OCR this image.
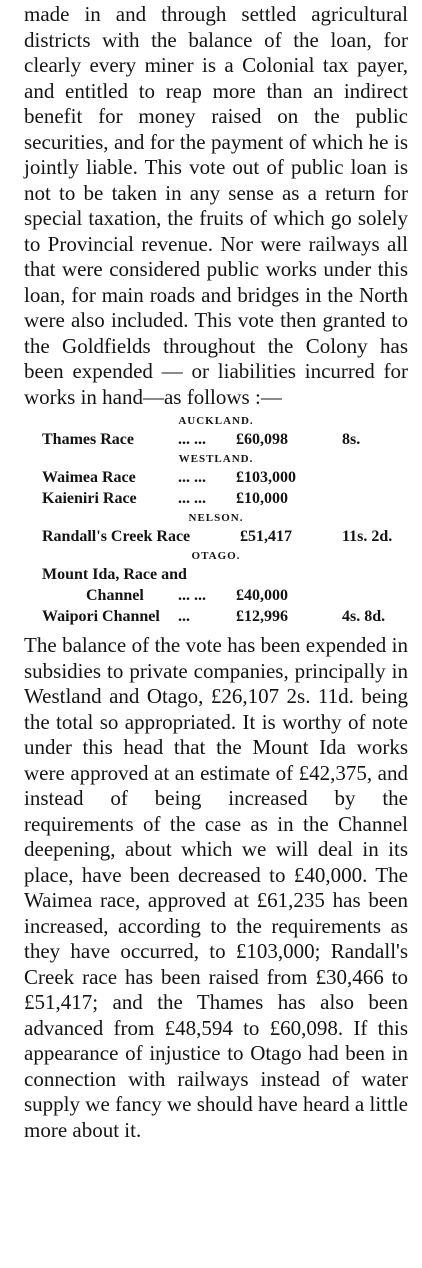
made in and through settled agricultural districts with the balance of the loan, for clearly every miner is a Colonial tax payer, and entitled to reap more than an indirect benefit for money raised on the public securities, and for the payment of which he is jointly liable. This vote out of public loan is not to be taken in any sense as a return for special taxation, the fruits of which go solely to Provincial revenue. Nor were railways all that were considered public works under this loan, for main roads and bridges in the North were also included. This vote then granted to the Goldfields throughout the Colony has been expended — or liabilities incurred for works in hand—as follows :—

AUCKLAND.
Thames Race	... ... £60,098	8s.
WESTLAND.
Waimea Race	... ... £103,000
Kaieniri Race	... ... £10,000
NELSON.
Randall's Creek Race	£51,417	11s. 2d.
OTAGO.
Mount Ida, Race and
Channel ... ... £40,000
Waipori Channel ...	£12,996	4s. 8d.

The balance of the vote has been expended in subsidies to private companies, principally in Westland and Otago, £26,107 2s. 11d. being the total so appropriated. It is worthy of note under this head that the Mount Ida works were approved at an estimate of £42,375, and instead of being increased by the requirements of the case as in the Channel deepening, about which we will deal in its place, have been decreased to £40,000. The Waimea race, approved at £61,235 has been increased, according to the requirements as they have occurred, to £103,000; Randall's Creek race has been raised from £30,466 to £51,417; and the Thames has also been advanced from £48,594 to £60,098. If this appearance of injustice to Otago had been in connection with railways instead of water supply we fancy we should have heard a little more about it.
